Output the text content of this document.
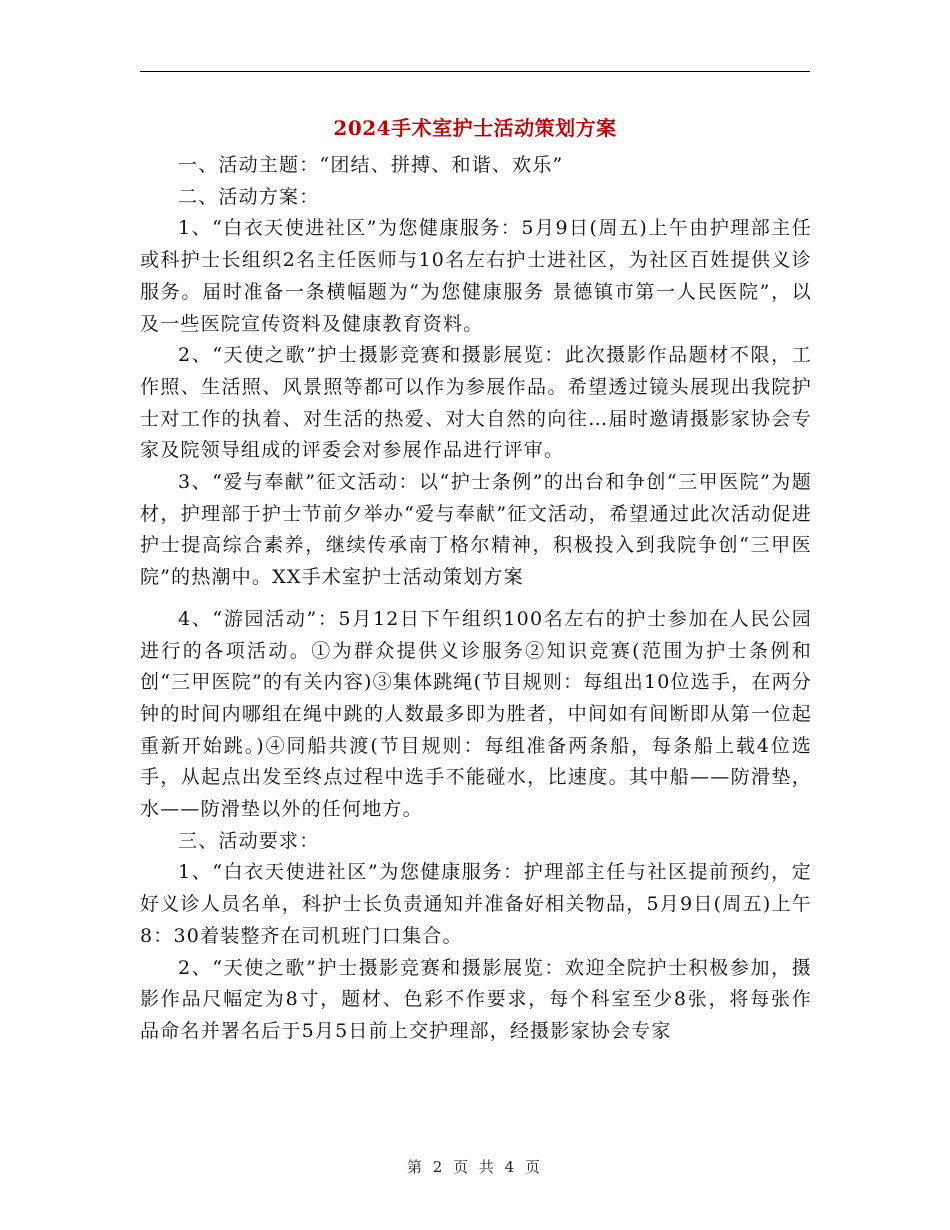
2024手术室护士活动策划方案

一、活动主题：“团结、拼搏、和谐、欢乐”

二、活动方案：

1、“白衣天使进社区”为您健康服务：5月9日(周五)上午由护理部主任或科护士长组织2名主任医师与10名左右护士进社区，为社区百姓提供义诊服务。届时准备一条横幅题为“为您健康服务 景德镇市第一人民医院”，以及一些医院宣传资料及健康教育资料。

2、“天使之歌”护士摄影竞赛和摄影展览：此次摄影作品题材不限，工作照、生活照、风景照等都可以作为参展作品。希望透过镜头展现出我院护士对工作的执着、对生活的热爱、对大自然的向往…届时邀请摄影家协会专家及院领导组成的评委会对参展作品进行评审。

3、“爱与奉献”征文活动：以“护士条例”的出台和争创“三甲医院”为题材，护理部于护士节前夕举办“爱与奉献”征文活动，希望通过此次活动促进护士提高综合素养，继续传承南丁格尔精神，积极投入到我院争创“三甲医院”的热潮中。XX手术室护士活动策划方案

4、“游园活动”：5月12日下午组织100名左右的护士参加在人民公园进行的各项活动。①为群众提供义诊服务②知识竞赛(范围为护士条例和创“三甲医院”的有关内容)③集体跳绳(节目规则：每组出10位选手，在两分钟的时间内哪组在绳中跳的人数最多即为胜者，中间如有间断即从第一位起重新开始跳。)④同船共渡(节目规则：每组准备两条船，每条船上载4位选手，从起点出发至终点过程中选手不能碰水，比速度。其中船——防滑垫，水——防滑垫以外的任何地方。

三、活动要求：

1、“白衣天使进社区”为您健康服务：护理部主任与社区提前预约，定好义诊人员名单，科护士长负责通知并准备好相关物品，5月9日(周五)上午8：30着装整齐在司机班门口集合。

2、“天使之歌”护士摄影竞赛和摄影展览：欢迎全院护士积极参加，摄影作品尺幅定为8寸，题材、色彩不作要求，每个科室至少8张，将每张作品命名并署名后于5月5日前上交护理部，经摄影家协会专家

第 2 页 共 4 页
